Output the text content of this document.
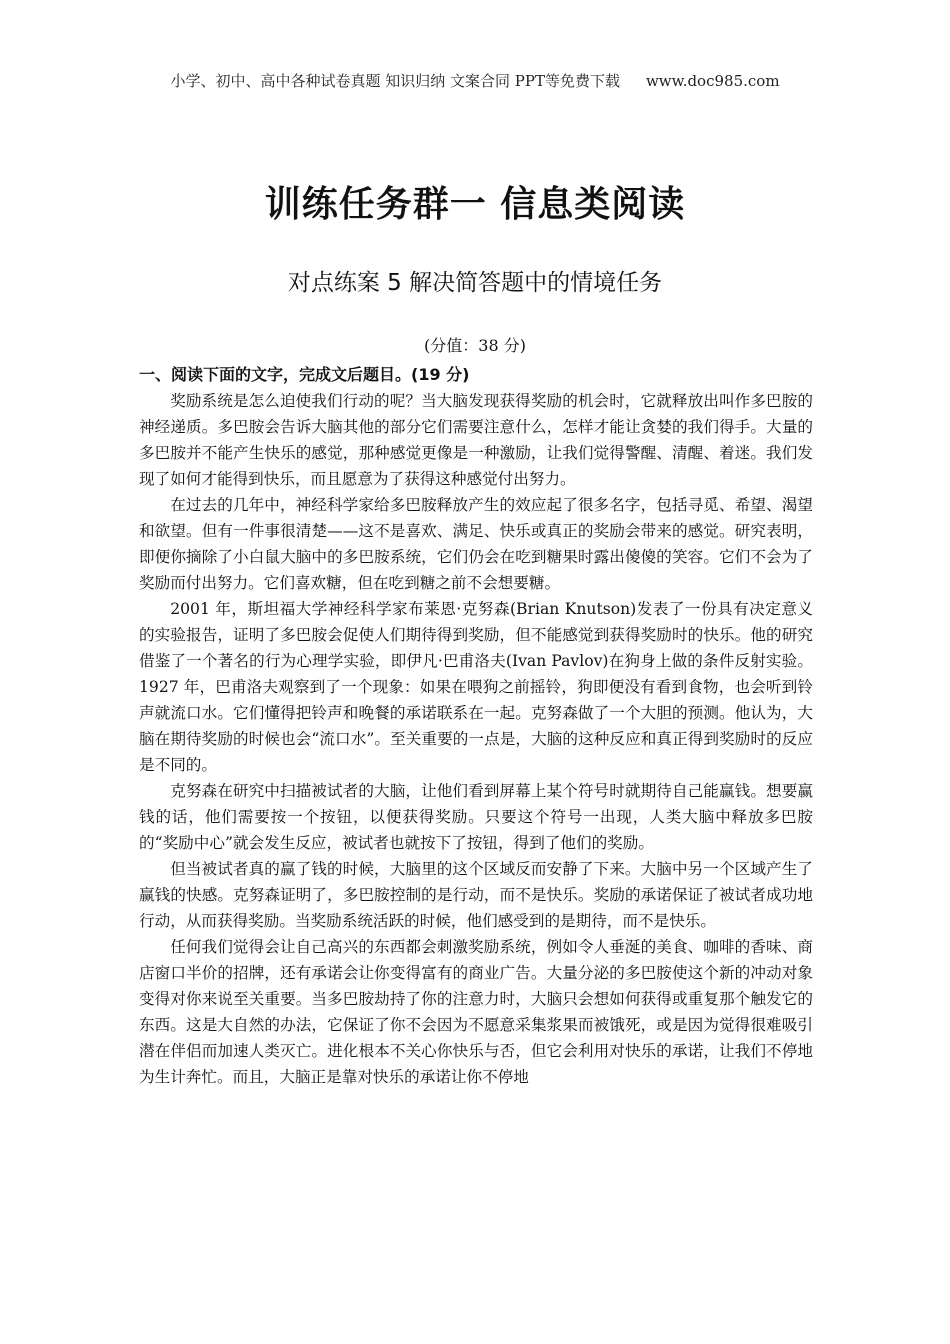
小学、初中、高中各种试卷真题 知识归纳 文案合同 PPT等免费下载 www.doc985.com
训练任务群一 信息类阅读
对点练案 5 解决简答题中的情境任务
(分值：38 分)
一、阅读下面的文字，完成文后题目。(19 分)

奖励系统是怎么迫使我们行动的呢？当大脑发现获得奖励的机会时，它就释放出叫作多巴胺的神经递质。多巴胺会告诉大脑其他的部分它们需要注意什么，怎样才能让贪婪的我们得手。大量的多巴胺并不能产生快乐的感觉，那种感觉更像是一种激励，让我们觉得警醒、清醒、着迷。我们发现了如何才能得到快乐，而且愿意为了获得这种感觉付出努力。

在过去的几年中，神经科学家给多巴胺释放产生的效应起了很多名字，包括寻觅、希望、渴望和欲望。但有一件事很清楚——这不是喜欢、满足、快乐或真正的奖励会带来的感觉。研究表明，即便你摘除了小白鼠大脑中的多巴胺系统，它们仍会在吃到糖果时露出傻傻的笑容。它们不会为了奖励而付出努力。它们喜欢糖，但在吃到糖之前不会想要糖。

2001 年，斯坦福大学神经科学家布莱恩·克努森(Brian Knutson)发表了一份具有决定意义的实验报告，证明了多巴胺会促使人们期待得到奖励，但不能感觉到获得奖励时的快乐。他的研究借鉴了一个著名的行为心理学实验，即伊凡·巴甫洛夫(Ivan Pavlov)在狗身上做的条件反射实验。1927 年，巴甫洛夫观察到了一个现象：如果在喂狗之前摇铃，狗即便没有看到食物，也会听到铃声就流口水。它们懂得把铃声和晚餐的承诺联系在一起。克努森做了一个大胆的预测。他认为，大脑在期待奖励的时候也会“流口水”。至关重要的一点是，大脑的这种反应和真正得到奖励时的反应是不同的。

克努森在研究中扫描被试者的大脑，让他们看到屏幕上某个符号时就期待自己能赢钱。想要赢钱的话，他们需要按一个按钮，以便获得奖励。只要这个符号一出现，人类大脑中释放多巴胺的“奖励中心”就会发生反应，被试者也就按下了按钮，得到了他们的奖励。

但当被试者真的赢了钱的时候，大脑里的这个区域反而安静了下来。大脑中另一个区域产生了赢钱的快感。克努森证明了，多巴胺控制的是行动，而不是快乐。奖励的承诺保证了被试者成功地行动，从而获得奖励。当奖励系统活跃的时候，他们感受到的是期待，而不是快乐。

任何我们觉得会让自己高兴的东西都会刺激奖励系统，例如令人垂涎的美食、咖啡的香味、商店窗口半价的招牌，还有承诺会让你变得富有的商业广告。大量分泌的多巴胺使这个新的冲动对象变得对你来说至关重要。当多巴胺劫持了你的注意力时，大脑只会想如何获得或重复那个触发它的东西。这是大自然的办法，它保证了你不会因为不愿意采集浆果而被饿死，或是因为觉得很难吸引潜在伴侣而加速人类灭亡。进化根本不关心你快乐与否，但它会利用对快乐的承诺，让我们不停地为生计奔忙。而且，大脑正是靠对快乐的承诺让你不停地
